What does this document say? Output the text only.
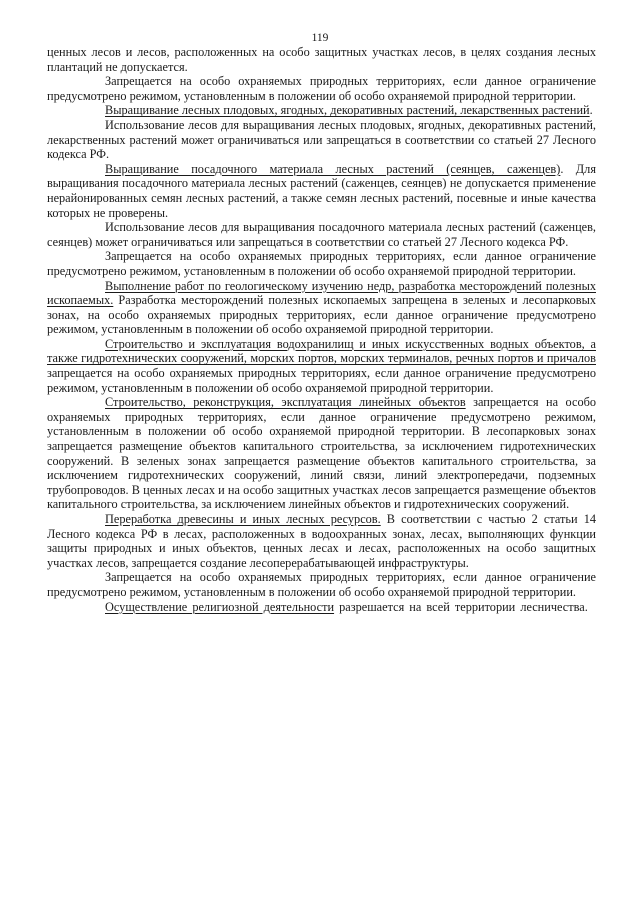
119

ценных лесов и лесов, расположенных на особо защитных участках лесов, в целях создания лесных плантаций не допускается.

Запрещается на особо охраняемых природных территориях, если данное ограничение предусмотрено режимом, установленным в положении об особо охраняемой природной территории.

Выращивание лесных плодовых, ягодных, декоративных растений, лекарственных растений.

Использование лесов для выращивания лесных плодовых, ягодных, декоративных растений, лекарственных растений может ограничиваться или запрещаться в соответствии со статьей 27 Лесного кодекса РФ.

Выращивание посадочного материала лесных растений (сеянцев, саженцев). Для выращивания посадочного материала лесных растений (саженцев, сеянцев) не допускается применение нерайонированных семян лесных растений, а также семян лесных растений, посевные и иные качества которых не проверены.

Использование лесов для выращивания посадочного материала лесных растений (саженцев, сеянцев) может ограничиваться или запрещаться в соответствии со статьей 27 Лесного кодекса РФ.

Запрещается на особо охраняемых природных территориях, если данное ограничение предусмотрено режимом, установленным в положении об особо охраняемой природной территории.

Выполнение работ по геологическому изучению недр, разработка месторождений полезных ископаемых. Разработка месторождений полезных ископаемых запрещена в зеленых и лесопарковых зонах, на особо охраняемых природных территориях, если данное ограничение предусмотрено режимом, установленным в положении об особо охраняемой природной территории.

Строительство и эксплуатация водохранилищ и иных искусственных водных объектов, а также гидротехнических сооружений, морских портов, морских терминалов, речных портов и причалов запрещается на особо охраняемых природных территориях, если данное ограничение предусмотрено режимом, установленным в положении об особо охраняемой природной территории.

Строительство, реконструкция, эксплуатация линейных объектов запрещается на особо охраняемых природных территориях, если данное ограничение предусмотрено режимом, установленным в положении об особо охраняемой природной территории. В лесопарковых зонах запрещается размещение объектов капитального строительства, за исключением гидротехнических сооружений. В зеленых зонах запрещается размещение объектов капитального строительства, за исключением гидротехнических сооружений, линий связи, линий электропередачи, подземных трубопроводов. В ценных лесах и на особо защитных участках лесов запрещается размещение объектов капитального строительства, за исключением линейных объектов и гидротехнических сооружений.

Переработка древесины и иных лесных ресурсов. В соответствии с частью 2 статьи 14 Лесного кодекса РФ в лесах, расположенных в водоохранных зонах, лесах, выполняющих функции защиты природных и иных объектов, ценных лесах и лесах, расположенных на особо защитных участках лесов, запрещается создание лесоперерабатывающей инфраструктуры.

Запрещается на особо охраняемых природных территориях, если данное ограничение предусмотрено режимом, установленным в положении об особо охраняемой природной территории.

Осуществление религиозной деятельности разрешается на всей территории лесничества.
